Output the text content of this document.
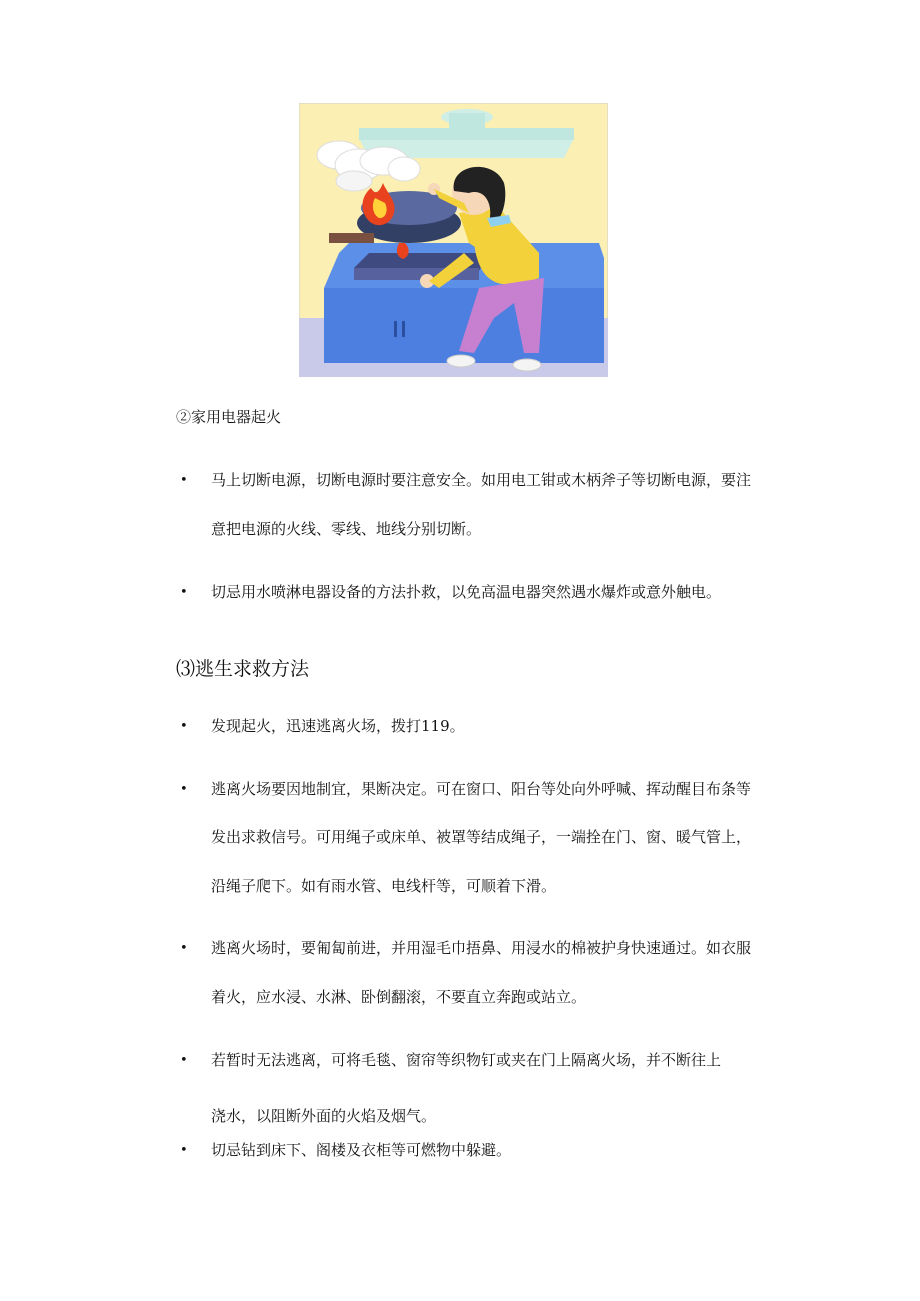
②家用电器起火
• 马上切断电源，切断电源时要注意安全。如用电工钳或木柄斧子等切断电源，要注
意把电源的火线、零线、地线分别切断。
• 切忌用水喷淋电器设备的方法扑救，以免高温电器突然遇水爆炸或意外触电。
⑶逃生求救方法
• 发现起火，迅速逃离火场，拨打119。
• 逃离火场要因地制宜，果断决定。可在窗口、阳台等处向外呼喊、挥动醒目布条等
发出求救信号。可用绳子或床单、被罩等结成绳子，一端拴在门、窗、暖气管上，
沿绳子爬下。如有雨水管、电线杆等，可顺着下滑。
• 逃离火场时，要匍匐前进，并用湿毛巾捂鼻、用浸水的棉被护身快速通过。如衣服
着火，应水浸、水淋、卧倒翻滚，不要直立奔跑或站立。
• 若暂时无法逃离，可将毛毯、窗帘等织物钉或夹在门上隔离火场，并不断往上
浇水，以阻断外面的火焰及烟气。
• 切忌钻到床下、阁楼及衣柜等可燃物中躲避。
